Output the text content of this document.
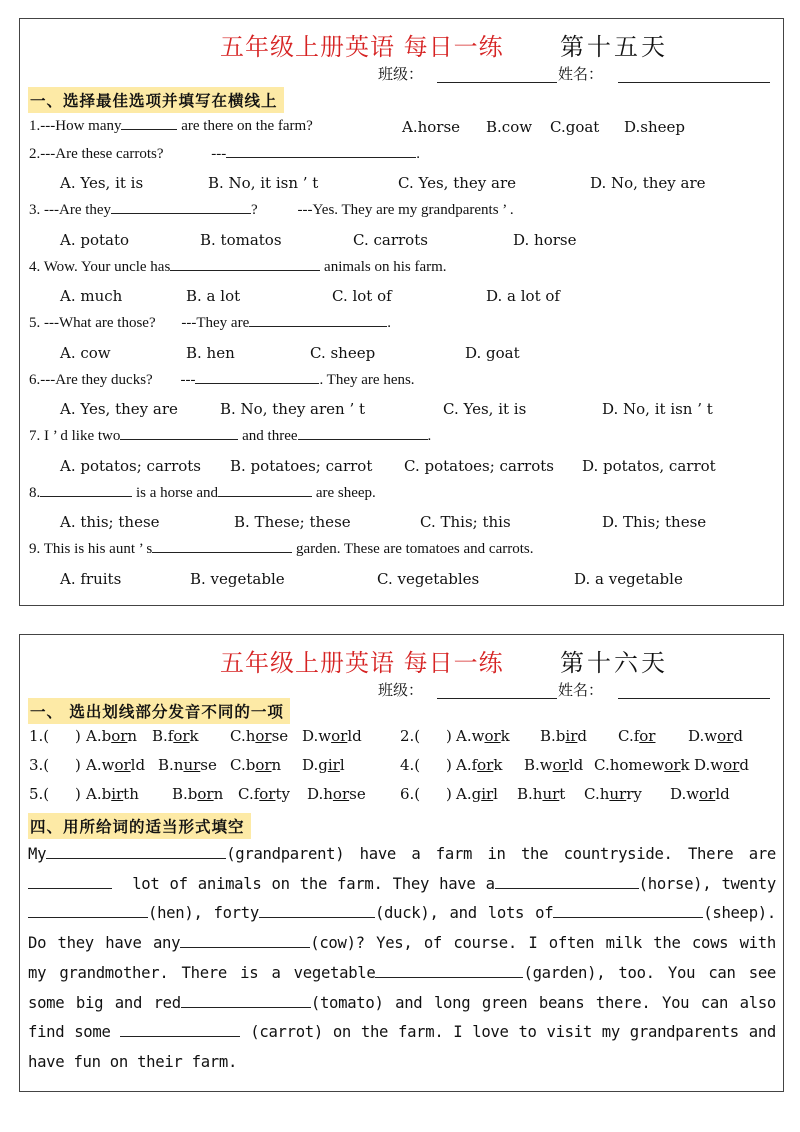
五年级上册英语 每日一练 第十五天
班级：	姓名：
一、选择最佳选项并填写在横线上
1.---How many	are there on the farm?	A.horse B.cow C.goat D.sheep
2.---Are these carrots?	---	.
A. Yes, it is	B. No, it isn ’ t	C. Yes, they are	D. No, they are
3. ---Are they	?	---Yes. They are my grandparents ’ .
A. potato	B. tomatos	C. carrots	D. horse
4. Wow. Your uncle has	animals on his farm.
A. much	B. a lot	C. lot of	D. a lot of
5. ---What are those? ---They are	.
A. cow	B. hen	C. sheep	D. goat
6.---Are they ducks? ---	. They are hens.
A. Yes, they are	B. No, they aren ’ t	C. Yes, it is	D. No, it isn ’ t
7. I ’ d like two	and three	.
A. potatos; carrots B. potatoes; carrot C. potatoes; carrots D. potatos, carrot
8.	is a horse and	are sheep.
A. this; these	B. These; these	C. This; this	D. This; these
9. This is his aunt ’ s	garden. These are tomatoes and carrots.
A. fruits	B. vegetable	C. vegetables	D. a vegetable
五年级上册英语 每日一练 第十六天
班级：	姓名：
一、 选出划线部分发音不同的一项
1.( ) A.born B.fork C.horse D.world	2.( ) A.work B.bird C.for D.word
3.( ) A.world B.nurse C.born D.girl	4.( ) A.fork B.world C.homework D.word
5.( ) A.birth B.born C.forty D.horse 6.( ) A.girl B.hurt C.hurry D.world
四、用所给词的适当形式填空
My	(grandparent) have a farm in the countryside. There are   lot of animals on the farm. They have a	(horse), twenty (hen), forty	(duck), and lots of	(sheep). Do they have any	(cow)? Yes, of course. I often milk the cows with my grandmother. There is a vegetable	(garden), too. You can see some big and red	(tomato) and long green beans there. You can also find some	(carrot) on the farm. I love to visit my grandparents and have fun on their farm.
